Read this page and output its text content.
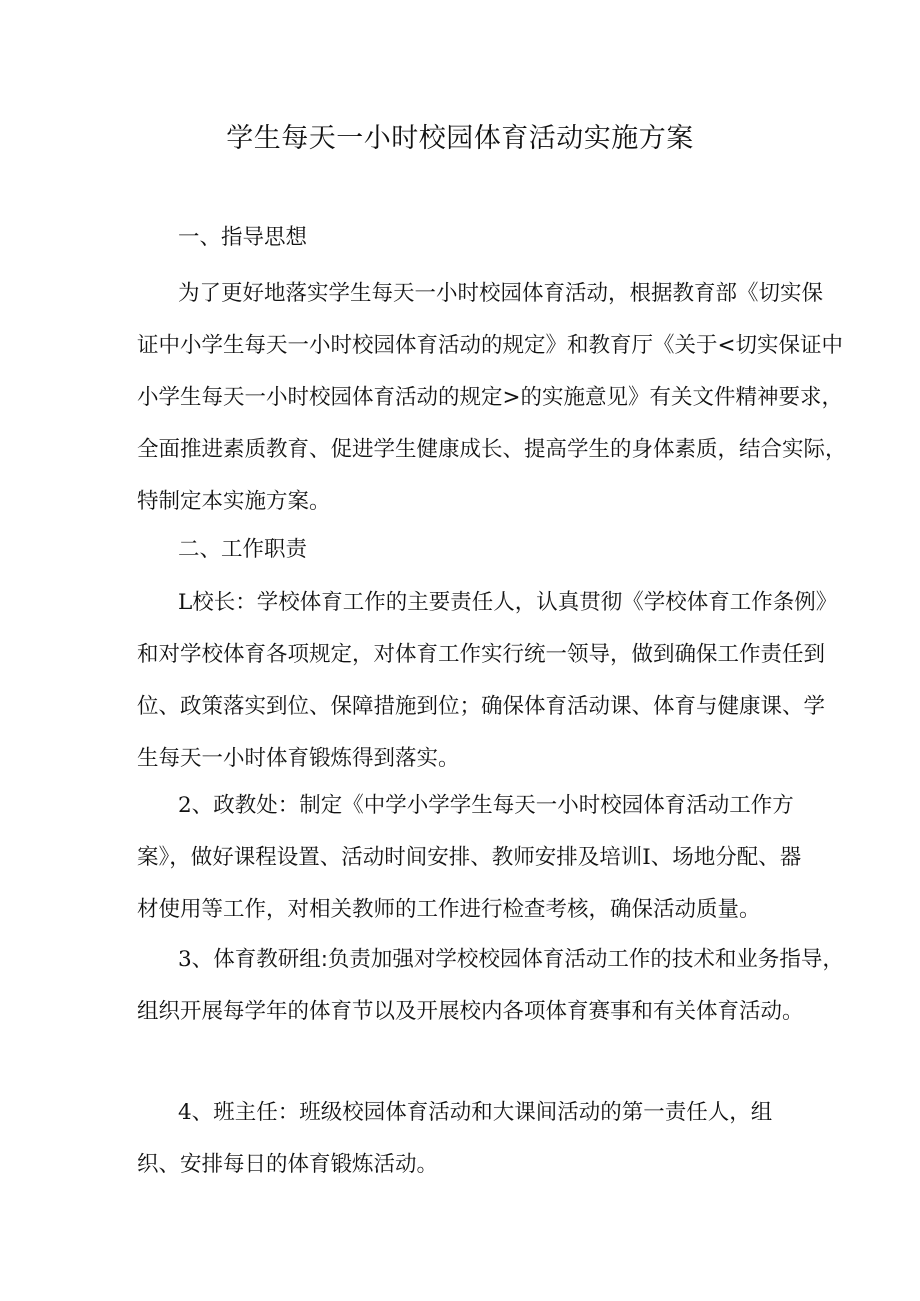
学生每天一小时校园体育活动实施方案
一、指导思想

为了更好地落实学生每天一小时校园体育活动，根据教育部《切实保
证中小学生每天一小时校园体育活动的规定》和教育厅《关于<切实保证中
小学生每天一小时校园体育活动的规定>的实施意见》有关文件精神要求，
全面推进素质教育、促进学生健康成长、提高学生的身体素质，结合实际，
特制定本实施方案。

二、工作职责

L校长：学校体育工作的主要责任人，认真贯彻《学校体育工作条例》
和对学校体育各项规定，对体育工作实行统一领导，做到确保工作责任到
位、政策落实到位、保障措施到位；确保体育活动课、体育与健康课、学
生每天一小时体育锻炼得到落实。

2、政教处：制定《中学小学学生每天一小时校园体育活动工作方
案》，做好课程设置、活动时间安排、教师安排及培训I、场地分配、器
材使用等工作，对相关教师的工作进行检查考核，确保活动质量。

3、体育教研组:负责加强对学校校园体育活动工作的技术和业务指导，
组织开展每学年的体育节以及开展校内各项体育赛事和有关体育活动。

4、班主任：班级校园体育活动和大课间活动的第一责任人，组
织、安排每日的体育锻炼活动。
